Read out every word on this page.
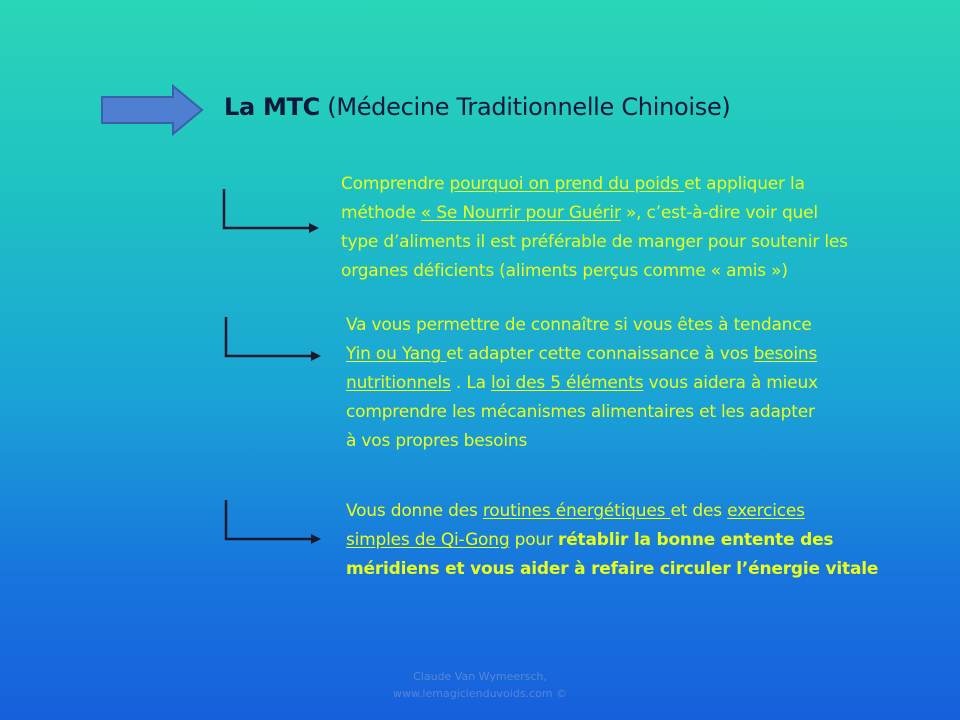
La MTC (Médecine Traditionnelle Chinoise)

Comprendre pourquoi on prend du poids et appliquer la
méthode « Se Nourrir pour Guérir », c’est-à-dire voir quel
type d’aliments il est préférable de manger pour soutenir les
organes déficients (aliments perçus comme « amis »)

Va vous permettre de connaître si vous êtes à tendance
Yin ou Yang et adapter cette connaissance à vos besoins
nutritionnels . La loi des 5 éléments vous aidera à mieux
comprendre les mécanismes alimentaires et les adapter
à vos propres besoins

Vous donne des routines énergétiques et des exercices
simples de Qi-Gong pour rétablir la bonne entente des
méridiens et vous aider à refaire circuler l’énergie vitale

Claude Van Wymeersch,
www.lemagicienduvoids.com ©
